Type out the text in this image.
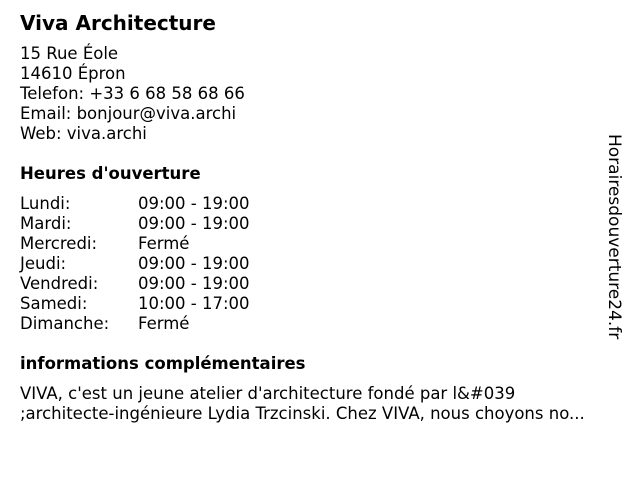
Viva Architecture
15 Rue Éole
14610 Épron
Telefon: +33 6 68 58 68 66
Email: bonjour@viva.archi
Web: viva.archi
Heures d'ouverture
Lundi:	09:00 - 19:00
Mardi:	09:00 - 19:00
Mercredi: Fermé
Jeudi:	09:00 - 19:00
Vendredi: 09:00 - 19:00
Samedi:	10:00 - 17:00
Dimanche: Fermé
informations complémentaires
VIVA, c'est un jeune atelier d'architecture fondé par l&#039
;architecte-ingénieure Lydia Trzcinski. Chez VIVA, nous choyons no...
Horairesdouverture24.fr
